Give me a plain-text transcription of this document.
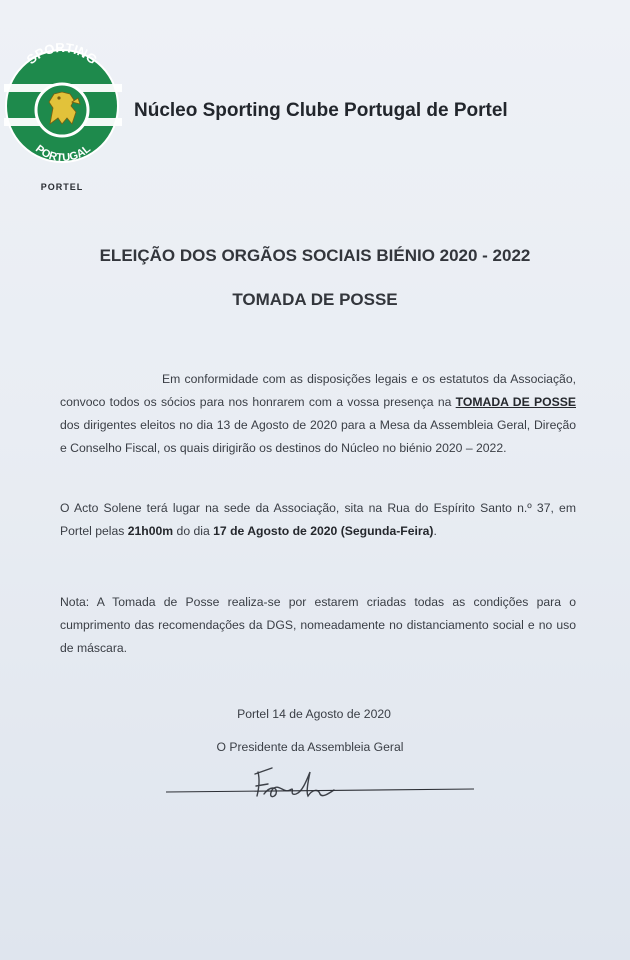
SPORTING
PORTUGAL
PORTEL
Núcleo Sporting Clube Portugal de Portel
ELEIÇÃO DOS ORGÃOS SOCIAIS BIÉNIO 2020 - 2022
TOMADA DE POSSE
Em conformidade com as disposições legais e os estatutos da Associação, convoco todos os sócios para nos honrarem com a vossa presença na TOMADA DE POSSE dos dirigentes eleitos no dia 13 de Agosto de 2020 para a Mesa da Assembleia Geral, Direção e Conselho Fiscal, os quais dirigirão os destinos do Núcleo no biénio 2020 – 2022.
O Acto Solene terá lugar na sede da Associação, sita na Rua do Espírito Santo n.º 37, em Portel pelas 21h00m do dia 17 de Agosto de 2020 (Segunda-Feira).
Nota: A Tomada de Posse realiza-se por estarem criadas todas as condições para o cumprimento das recomendações da DGS, nomeadamente no distanciamento social e no uso de máscara.
Portel 14 de Agosto de 2020
O Presidente da Assembleia Geral
